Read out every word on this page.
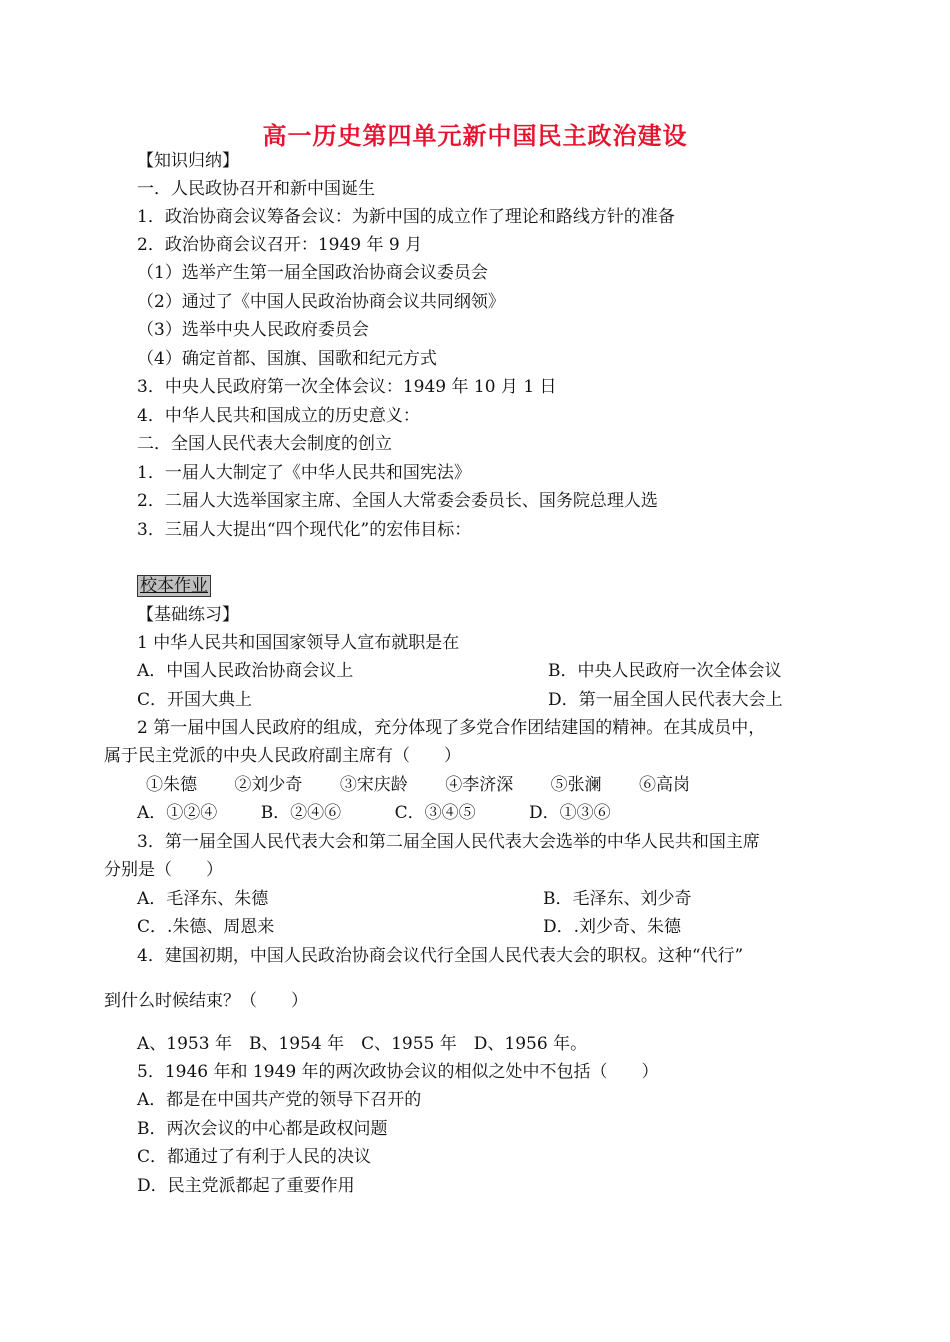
高一历史第四单元新中国民主政治建设
【知识归纳】
一．人民政协召开和新中国诞生
1．政治协商会议筹备会议：为新中国的成立作了理论和路线方针的准备
2．政治协商会议召开：1949 年 9 月
（1）选举产生第一届全国政治协商会议委员会
（2）通过了《中国人民政治协商会议共同纲领》
（3）选举中央人民政府委员会
（4）确定首都、国旗、国歌和纪元方式
3．中央人民政府第一次全体会议：1949 年 10 月 1 日
4．中华人民共和国成立的历史意义：
二．全国人民代表大会制度的创立
1．一届人大制定了《中华人民共和国宪法》
2．二届人大选举国家主席、全国人大常委会委员长、国务院总理人选
3．三届人大提出“四个现代化”的宏伟目标：
校本作业
【基础练习】
1 中华人民共和国国家领导人宣布就职是在
A．中国人民政治协商会议上	B．中央人民政府一次全体会议
C．开国大典上	D．第一届全国人民代表大会上
2 第一届中国人民政府的组成，充分体现了多党合作团结建国的精神。在其成员中，
属于民主党派的中央人民政府副主席有（　　）
①朱德 ②刘少奇 ③宋庆龄 ④李济深 ⑤张澜 ⑥高岗
A．①②④	B．②④⑥	C．③④⑤	D．①③⑥
3．第一届全国人民代表大会和第二届全国人民代表大会选举的中华人民共和国主席
分别是（　　）
A．毛泽东、朱德	B．毛泽东、刘少奇
C．.朱德、周恩来	D．.刘少奇、朱德
4．建国初期，中国人民政治协商会议代行全国人民代表大会的职权。这种“代行”
到什么时候结束？（　　）
A、1953 年　B、1954 年　C、1955 年　D、1956 年。
5．1946 年和 1949 年的两次政协会议的相似之处中不包括（　　）
A．都是在中国共产党的领导下召开的
B．两次会议的中心都是政权问题
C．都通过了有利于人民的决议
D．民主党派都起了重要作用
